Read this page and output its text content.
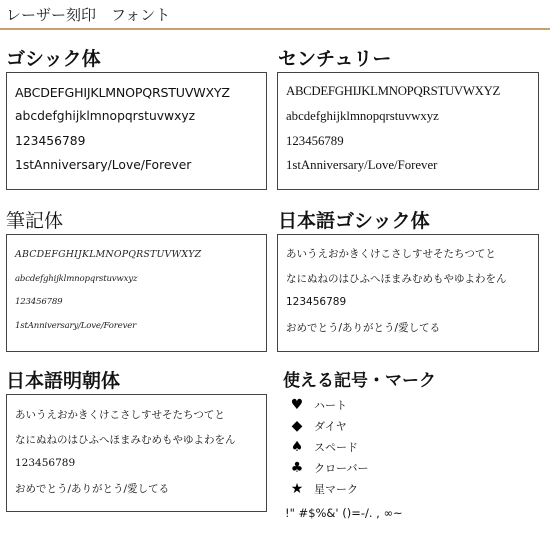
レーザー刻印　フォント
ゴシック体
ABCDEFGHIJKLMNOPQRSTUVWXYZ
abcdefghijklmnopqrstuvwxyz
123456789
1stAnniversary/Love/Forever
センチュリー
ABCDEFGHIJKLMNOPQRSTUVWXYZ
abcdefghijklmnopqrstuvwxyz
123456789
1stAnniversary/Love/Forever
筆記体
ABCDEFGHIJKLMNOPQRSTUVWXYZ
abcdefghijklmnopqrstuvwxyz
123456789
1stAnniversary/Love/Forever
日本語ゴシック体
あいうえおかきくけこさしすせそたちつてと
なにぬねのはひふへほまみむめもやゆよわをん
123456789
おめでとう/ありがとう/愛してる
日本語明朝体
あいうえおかきくけこさしすせそたちつてと
なにぬねのはひふへほまみむめもやゆよわをん
123456789
おめでとう/ありがとう/愛してる
使える記号・マーク
♥ ハート
◆	ダイヤ
♠ スペード
♣ クローバー
★ 星マーク
!" #$%&' ()=-/. , ∞~
